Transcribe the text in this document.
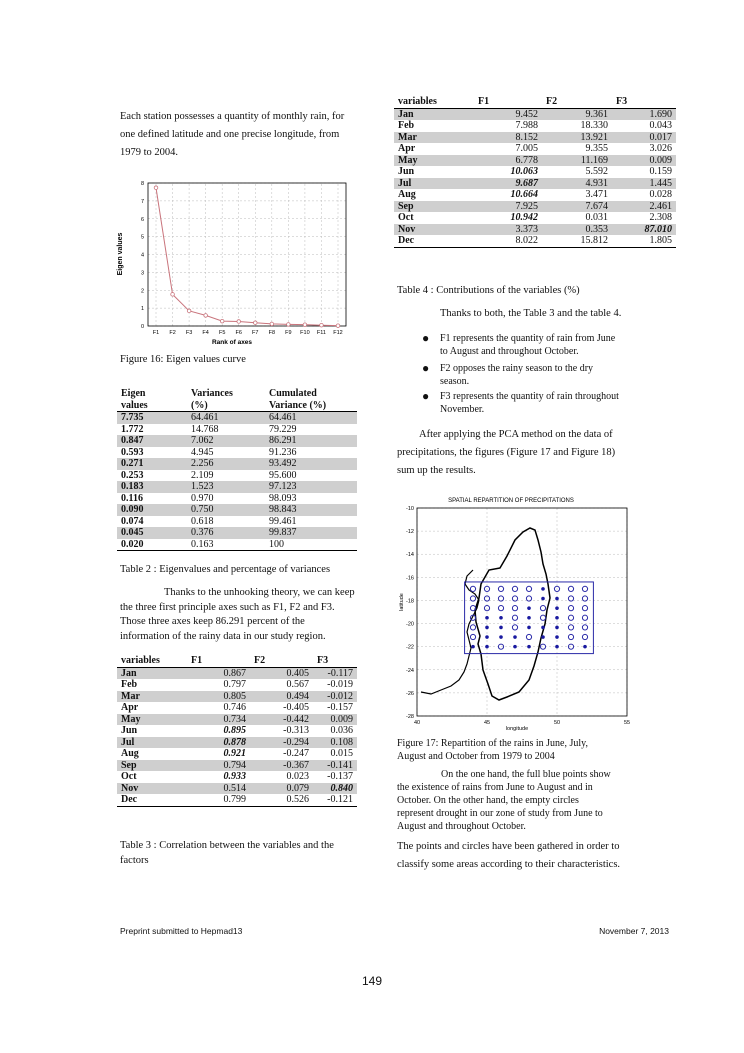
Each station possesses a quantity of monthly rain, for
one defined latitude and one precise longitude, from
1979 to 2004.
0
1
2
3
4
5
6
7
8
F1 F2 F3 F4 F5 F6 F7 F8 F9 F10 F11 F12
Eigen values
Rank of axes
Figure 16: Eigen values curve
Eigen	Variances	Cumulated
values	(%)	Variance (%)
7.735	64.461	64.461
1.772	14.768	79.229
0.847	7.062	86.291
0.593	4.945	91.236
0.271	2.256	93.492
0.253	2.109	95.600
0.183	1.523	97.123
0.116	0.970	98.093
0.090	0.750	98.843
0.074	0.618	99.461
0.045	0.376	99.837
0.020	0.163	100
Table 2 : Eigenvalues and percentage of variances
Thanks to the unhooking theory, we can keep
the three first principle axes such as F1, F2 and F3.
Those three axes keep 86.291 percent of the
information of the rainy data in our study region.
variables	F1	F2	F3
Jan	0.867	0.405	-0.117
Feb	0.797	0.567	-0.019
Mar	0.805	0.494	-0.012
Apr	0.746	-0.405	-0.157
May	0.734	-0.442	0.009
Jun	0.895	-0.313	0.036
Jul	0.878	-0.294	0.108
Aug	0.921	-0.247	0.015
Sep	0.794	-0.367	-0.141
Oct	0.933	0.023	-0.137
Nov	0.514	0.079	0.840
Dec	0.799	0.526	-0.121
Table 3 : Correlation between the variables and the
factors
variables	F1	F2	F3
Jan	9.452	9.361	1.690
Feb	7.988	18.330	0.043
Mar	8.152	13.921	0.017
Apr	7.005	9.355	3.026
May	6.778	11.169	0.009
Jun	10.063	5.592	0.159
Jul	9.687	4.931	1.445
Aug	10.664	3.471	0.028
Sep	7.925	7.674	2.461
Oct	10.942	0.031	2.308
Nov	3.373	0.353	87.010
Dec	8.022	15.812	1.805
Table 4 : Contributions of the variables (%)
Thanks to both, the Table 3 and the table 4.
● F1 represents the quantity of rain from June
to August and throughout October.
● F2 opposes the rainy season to the dry
season.
● F3 represents the quantity of rain throughout
November.
After applying the PCA method on the data of
precipitations, the figures (Figure 17 and Figure 18)
sum up the results.
SPATIAL REPARTITION OF PRECIPITATIONS
-10
-12
-14
-16
-18
-20
-22
-24
-26
-28
40	45	50	55
longitude
latitude
Figure 17: Repartition of the rains in June, July,
August and October from 1979 to 2004
On the one hand, the full blue points show
the existence of rains from June to August and in
October. On the other hand, the empty circles
represent drought in our zone of study from June to
August and throughout October.
The points and circles have been gathered in order to
classify some areas according to their characteristics.
Preprint submitted to Hepmad13	November 7, 2013
149
